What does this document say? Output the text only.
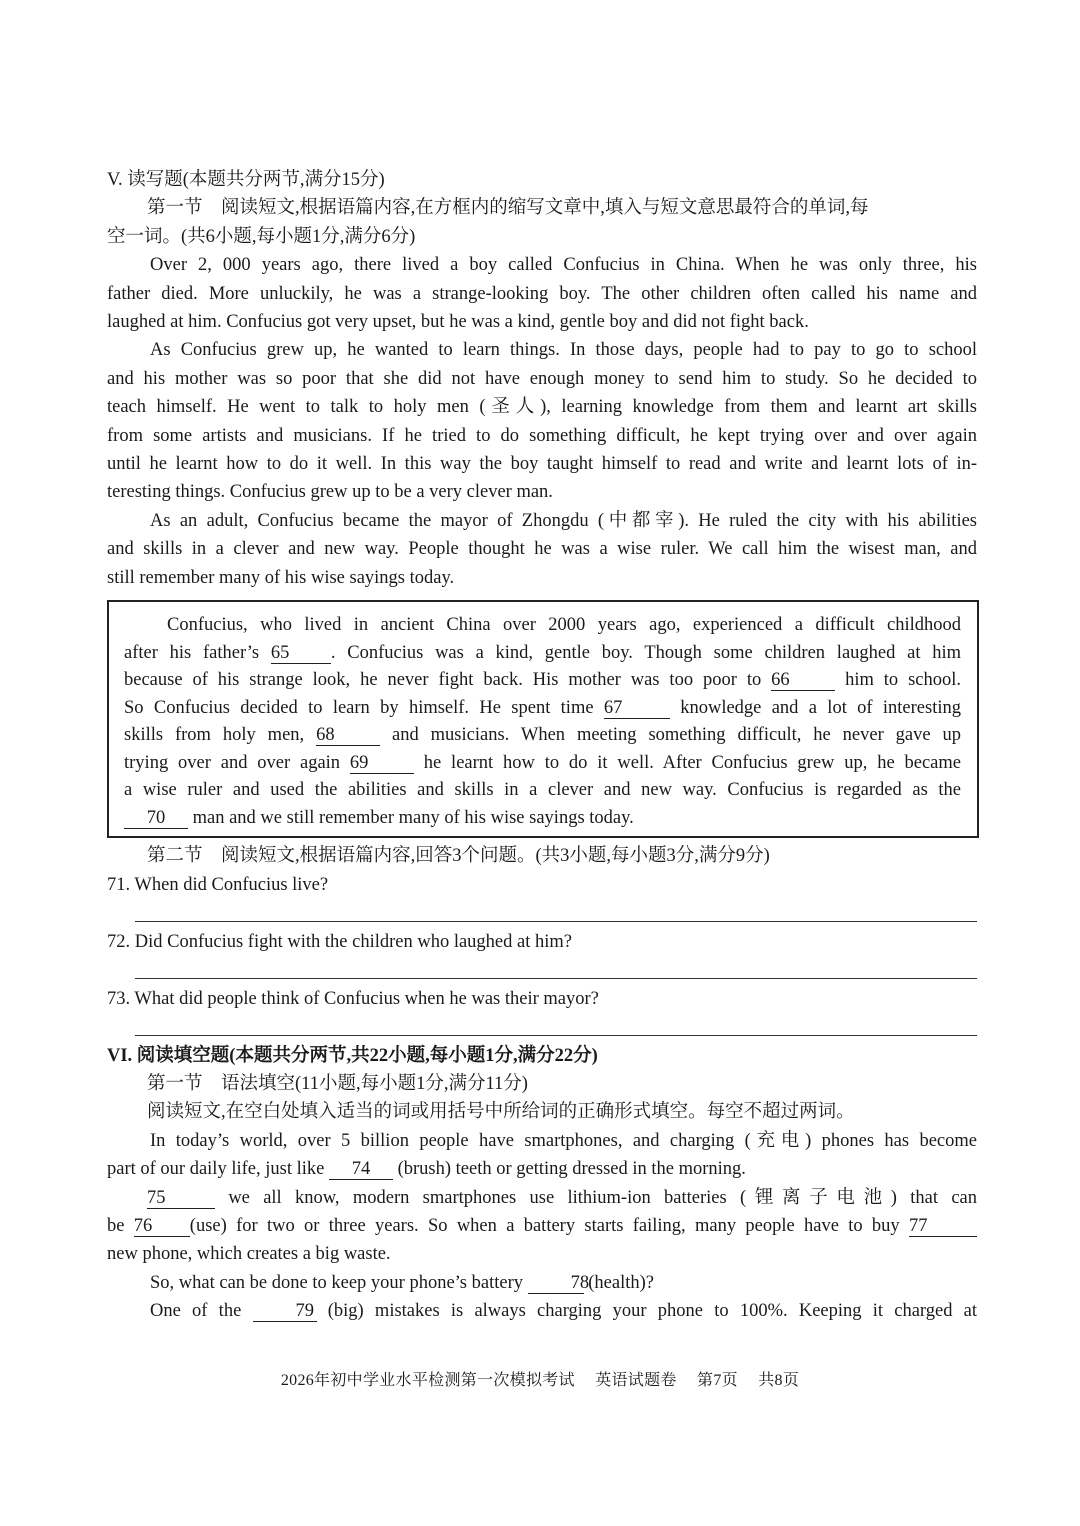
V. 读写题(本题共分两节,满分15分)
第一节　阅读短文,根据语篇内容,在方框内的缩写文章中,填入与短文意思最符合的单词,每
空一词。(共6小题,每小题1分,满分6分)
Over 2, 000 years ago, there lived a boy called Confucius in China. When he was only three, his
father died. More unluckily, he was a strange-looking boy. The other children often called his name and
laughed at him. Confucius got very upset, but he was a kind, gentle boy and did not fight back.
As Confucius grew up, he wanted to learn things. In those days, people had to pay to go to school
and his mother was so poor that she did not have enough money to send him to study. So he decided to
teach himself. He went to talk to holy men (圣人), learning knowledge from them and learnt art skills
from some artists and musicians. If he tried to do something difficult, he kept trying over and over again
until he learnt how to do it well. In this way the boy taught himself to read and write and learnt lots of in-
teresting things. Confucius grew up to be a very clever man.
As an adult, Confucius became the mayor of Zhongdu (中都宰). He ruled the city with his abilities
and skills in a clever and new way. People thought he was a wise ruler. We call him the wisest man, and
still remember many of his wise sayings today.
Confucius, who lived in ancient China over 2000 years ago, experienced a difficult childhood
after his father’s 65 . Confucius was a kind, gentle boy. Though some children laughed at him
because of his strange look, he never fight back. His mother was too poor to 66	him to school.
So Confucius decided to learn by himself. He spent time 67	knowledge and a lot of interesting
skills from holy men, 68	and musicians. When meeting something difficult, he never gave up
trying over and over again 69	he learnt how to do it well. After Confucius grew up, he became
a wise ruler and used the abilities and skills in a clever and new way. Confucius is regarded as the
70 man and we still remember many of his wise sayings today.
第二节　阅读短文,根据语篇内容,回答3个问题。(共3小题,每小题3分,满分9分)
71. When did Confucius live?
72. Did Confucius fight with the children who laughed at him?
73. What did people think of Confucius when he was their mayor?
VI. 阅读填空题(本题共分两节,共22小题,每小题1分,满分22分)
第一节　语法填空(11小题,每小题1分,满分11分)
阅读短文,在空白处填入适当的词或用括号中所给词的正确形式填空。每空不超过两词。
In today’s world, over 5 billion people have smartphones, and charging (充电) phones has become
part of our daily life, just like 74 (brush) teeth or getting dressed in the morning.
75	we all know, modern smartphones use lithium-ion batteries (锂离子电池) that can
be 76 (use) for two or three years. So when a battery starts failing, many people have to buy 77
new phone, which creates a big waste.
So, what can be done to keep your phone’s battery	78 (health)?
One of the	79 (big) mistakes is always charging your phone to 100%. Keeping it charged at
2026年初中学业水平检测第一次模拟考试 英语试题卷 第7页 共8页
